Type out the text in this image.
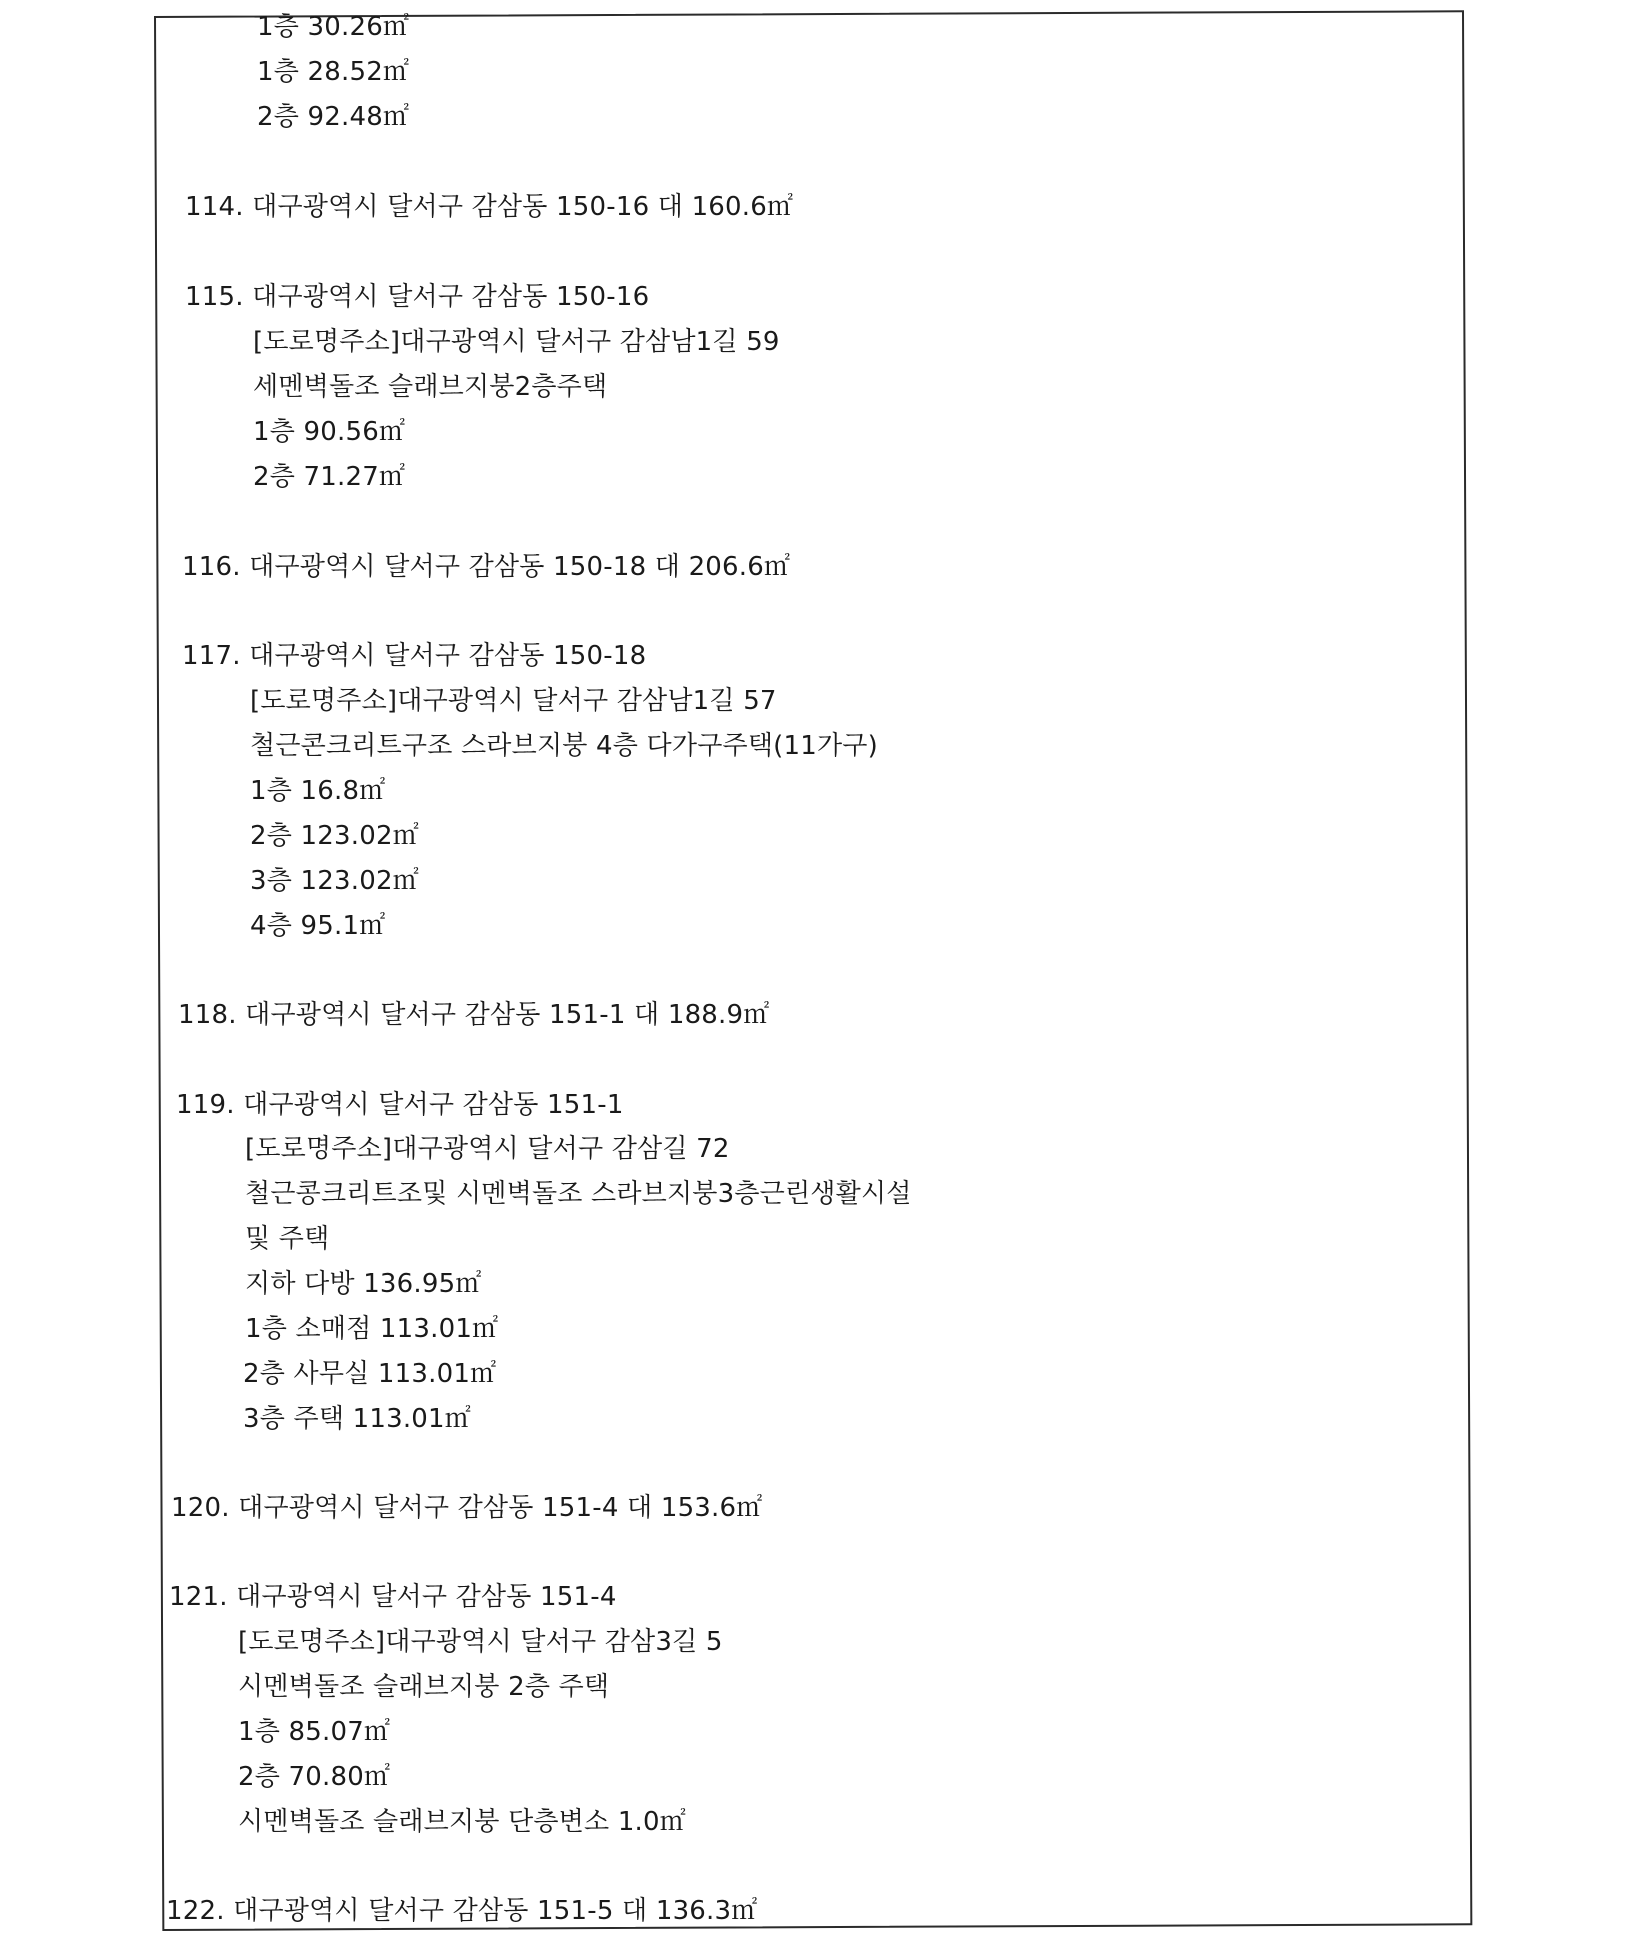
1층 30.26㎡
1층 28.52㎡
2층 92.48㎡
114. 대구광역시 달서구 감삼동 150-16 대 160.6㎡
115. 대구광역시 달서구 감삼동 150-16
[도로명주소]대구광역시 달서구 감삼남1길 59
세멘벽돌조 슬래브지붕2층주택
1층 90.56㎡
2층 71.27㎡
116. 대구광역시 달서구 감삼동 150-18 대 206.6㎡
117. 대구광역시 달서구 감삼동 150-18
[도로명주소]대구광역시 달서구 감삼남1길 57
철근콘크리트구조 스라브지붕 4층 다가구주택(11가구)
1층 16.8㎡
2층 123.02㎡
3층 123.02㎡
4층 95.1㎡
118. 대구광역시 달서구 감삼동 151-1 대 188.9㎡
119. 대구광역시 달서구 감삼동 151-1
[도로명주소]대구광역시 달서구 감삼길 72
철근콩크리트조및 시멘벽돌조 스라브지붕3층근린생활시설
및 주택
지하 다방 136.95㎡
1층 소매점 113.01㎡
2층 사무실 113.01㎡
3층 주택 113.01㎡
120. 대구광역시 달서구 감삼동 151-4 대 153.6㎡
121. 대구광역시 달서구 감삼동 151-4
[도로명주소]대구광역시 달서구 감삼3길 5
시멘벽돌조 슬래브지붕 2층 주택
1층 85.07㎡
2층 70.80㎡
시멘벽돌조 슬래브지붕 단층변소 1.0㎡
122. 대구광역시 달서구 감삼동 151-5 대 136.3㎡
